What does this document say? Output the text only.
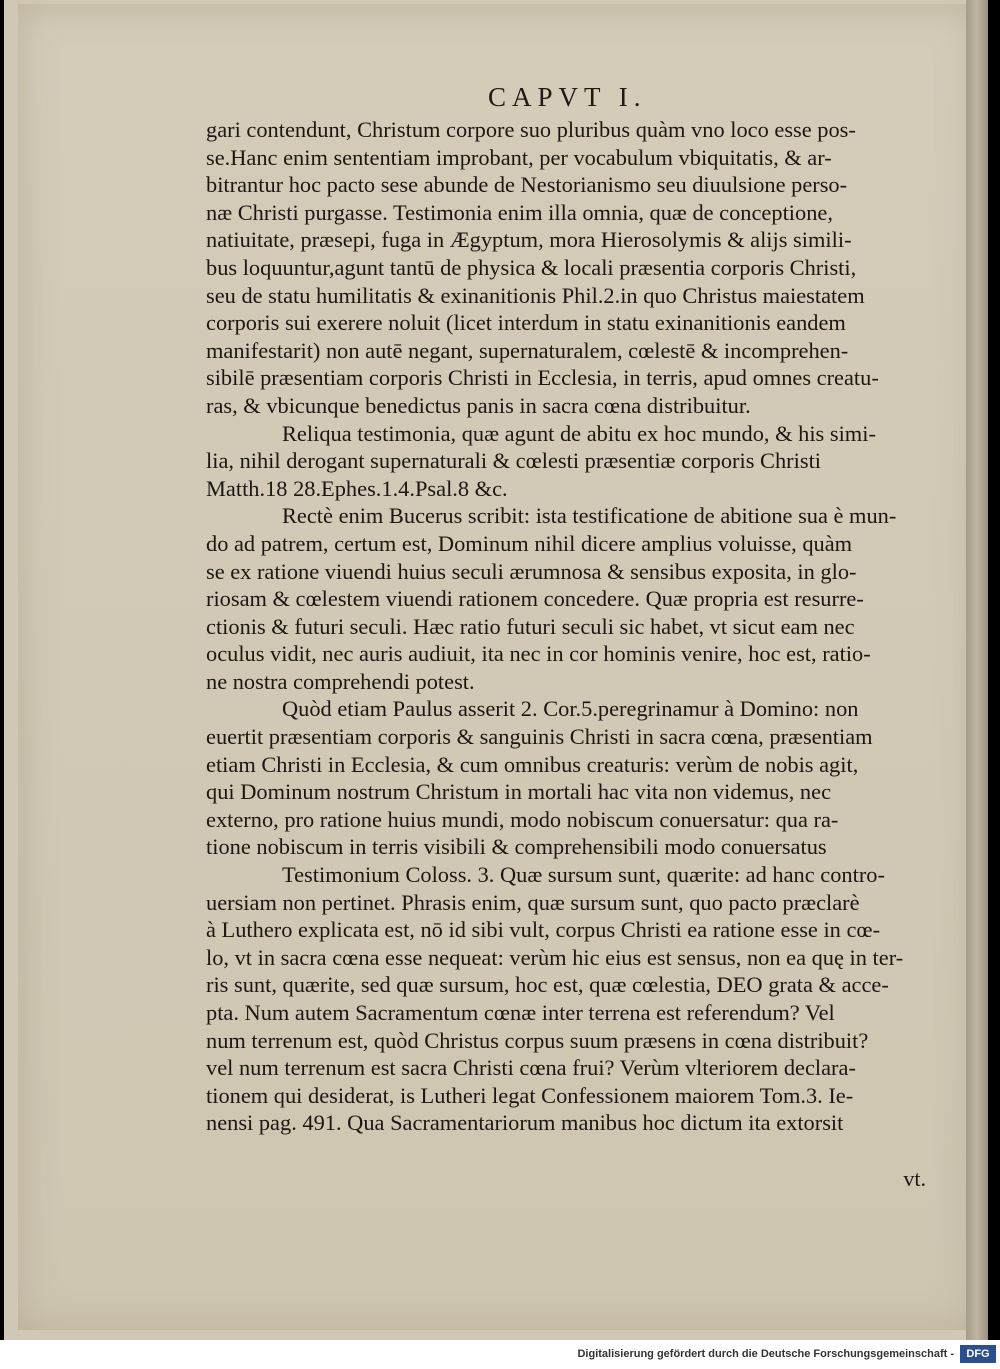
CAPVT I.
gari contendunt, Christum corpore suo pluribus quàm vno loco esse pos-
se.Hanc enim sententiam improbant, per vocabulum vbiquitatis, & ar-
bitrantur hoc pacto sese abunde de Nestorianismo seu diuulsione perso-
næ Christi purgasse. Testimonia enim illa omnia, quæ de conceptione,
natiuitate, præsepi, fuga in Ægyptum, mora Hierosolymis & alijs simili-
bus loquuntur,agunt tantū de physica & locali præsentia corporis Christi,
seu de statu humilitatis & exinanitionis Phil.2.in quo Christus maiestatem
corporis sui exerere noluit (licet interdum in statu exinanitionis eandem
manifestarit) non autē negant, supernaturalem, cœlestē & incomprehen-
sibilē præsentiam corporis Christi in Ecclesia, in terris, apud omnes creatu-
ras, & vbicunque benedictus panis in sacra cœna distribuitur.
Reliqua testimonia, quæ agunt de abitu ex hoc mundo, & his simi-
lia, nihil derogant supernaturali & cœlesti præsentiæ corporis Christi
Matth.18 28.Ephes.1.4.Psal.8 &c.
Rectè enim Bucerus scribit: ista testificatione de abitione sua è mun-
do ad patrem, certum est, Dominum nihil dicere amplius voluisse, quàm
se ex ratione viuendi huius seculi ærumnosa & sensibus exposita, in glo-
riosam & cœlestem viuendi rationem concedere. Quæ propria est resurre-
ctionis & futuri seculi. Hæc ratio futuri seculi sic habet, vt sicut eam nec
oculus vidit, nec auris audiuit, ita nec in cor hominis venire, hoc est, ratio-
ne nostra comprehendi potest.
Quòd etiam Paulus asserit 2. Cor.5.peregrinamur à Domino: non
euertit præsentiam corporis & sanguinis Christi in sacra cœna, præsentiam
etiam Christi in Ecclesia, & cum omnibus creaturis: verùm de nobis agit,
qui Dominum nostrum Christum in mortali hac vita non videmus, nec
externo, pro ratione huius mundi, modo nobiscum conuersatur: qua ra-
tione nobiscum in terris visibili & comprehensibili modo conuersatus
Testimonium Coloss. 3. Quæ sursum sunt, quærite: ad hanc contro-
uersiam non pertinet. Phrasis enim, quæ sursum sunt, quo pacto præclarè
à Luthero explicata est, nō id sibi vult, corpus Christi ea ratione esse in cœ-
lo, vt in sacra cœna esse nequeat: verùm hic eius est sensus, non ea quę in ter-
ris sunt, quærite, sed quæ sursum, hoc est, quæ cœlestia, DEO grata & acce-
pta. Num autem Sacramentum cœnæ inter terrena est referendum? Vel
num terrenum est, quòd Christus corpus suum præsens in cœna distribuit?
vel num terrenum est sacra Christi cœna frui? Verùm vlteriorem declara-
tionem qui desiderat, is Lutheri legat Confessionem maiorem Tom.3. Ie-
nensi pag. 491. Qua Sacramentariorum manibus hoc dictum ita extorsit
vt.
Digitalisierung gefördert durch die Deutsche Forschungsgemeinschaft -	DFG
